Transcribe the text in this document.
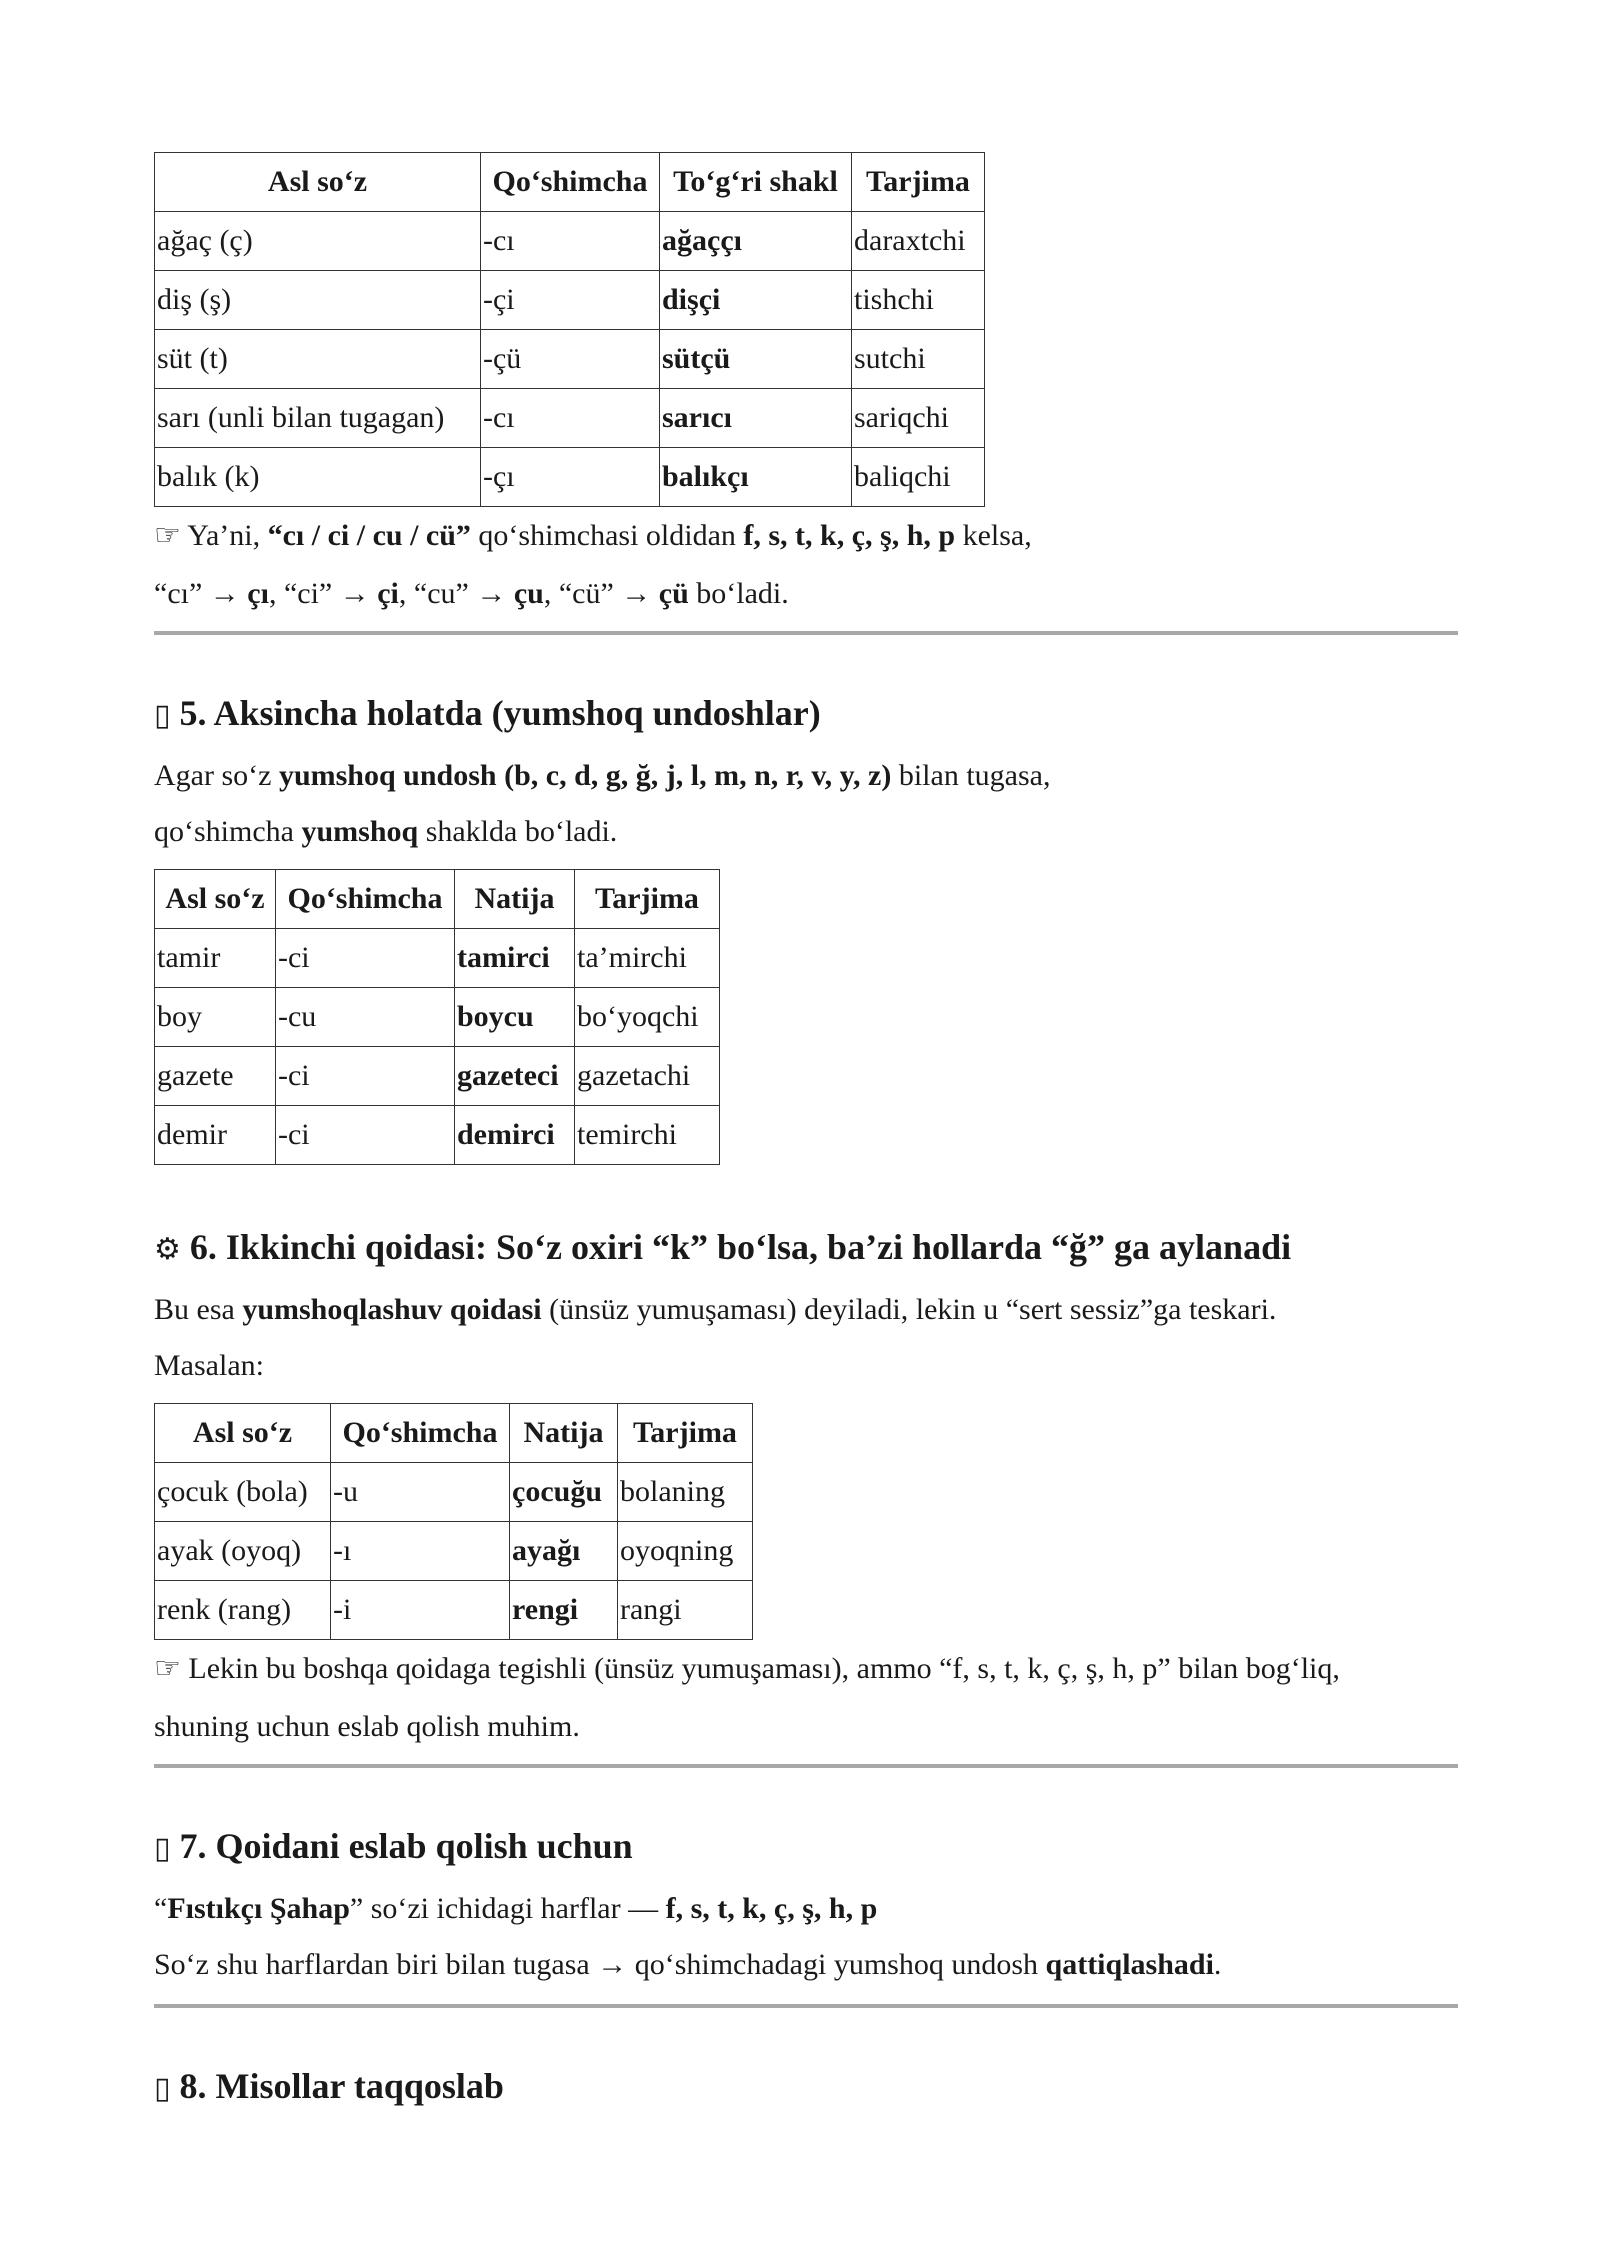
Asl so‘z	Qo‘shimcha	To‘g‘ri shakl	Tarjima
ağaç (ç)	-cı	ağaççı	daraxtchi
diş (ş)	-çi	dişçi	tishchi
süt (t)	-çü	sütçü	sutchi
sarı (unli bilan tugagan)	-cı	sarıcı	sariqchi
balık (k)	-çı	balıkçı	baliqchi

☞ Ya’ni, “cı / ci / cu / cü” qo‘shimchasi oldidan f, s, t, k, ç, ş, h, p kelsa,

“cı” → çı, “ci” → çi, “cu” → çu, “cü” → çü bo‘ladi.

▯ 5. Aksincha holatda (yumshoq undoshlar)

Agar so‘z yumshoq undosh (b, c, d, g, ğ, j, l, m, n, r, v, y, z) bilan tugasa,

qo‘shimcha yumshoq shaklda bo‘ladi.

Asl so‘z	Qo‘shimcha	Natija	Tarjima
tamir	-ci	tamirci	ta’mirchi
boy	-cu	boycu	bo‘yoqchi
gazete	-ci	gazeteci	gazetachi
demir	-ci	demirci	temirchi
⚙ 6. Ikkinchi qoidasi: So‘z oxiri “k” bo‘lsa, ba’zi hollarda “ğ” ga aylanadi

Bu esa yumshoqlashuv qoidasi (ünsüz yumuşaması) deyiladi, lekin u “sert sessiz”ga teskari.

Masalan:

Asl so‘z	Qo‘shimcha	Natija	Tarjima
çocuk (bola)	-u	çocuğu	bolaning
ayak (oyoq)	-ı	ayağı	oyoqning
renk (rang)	-i	rengi	rangi

☞ Lekin bu boshqa qoidaga tegishli (ünsüz yumuşaması), ammo “f, s, t, k, ç, ş, h, p” bilan bog‘liq,

shuning uchun eslab qolish muhim.

▯ 7. Qoidani eslab qolish uchun

“Fıstıkçı Şahap” so‘zi ichidagi harflar — f, s, t, k, ç, ş, h, p

So‘z shu harflardan biri bilan tugasa → qo‘shimchadagi yumshoq undosh qattiqlashadi.

▯ 8. Misollar taqqoslab
